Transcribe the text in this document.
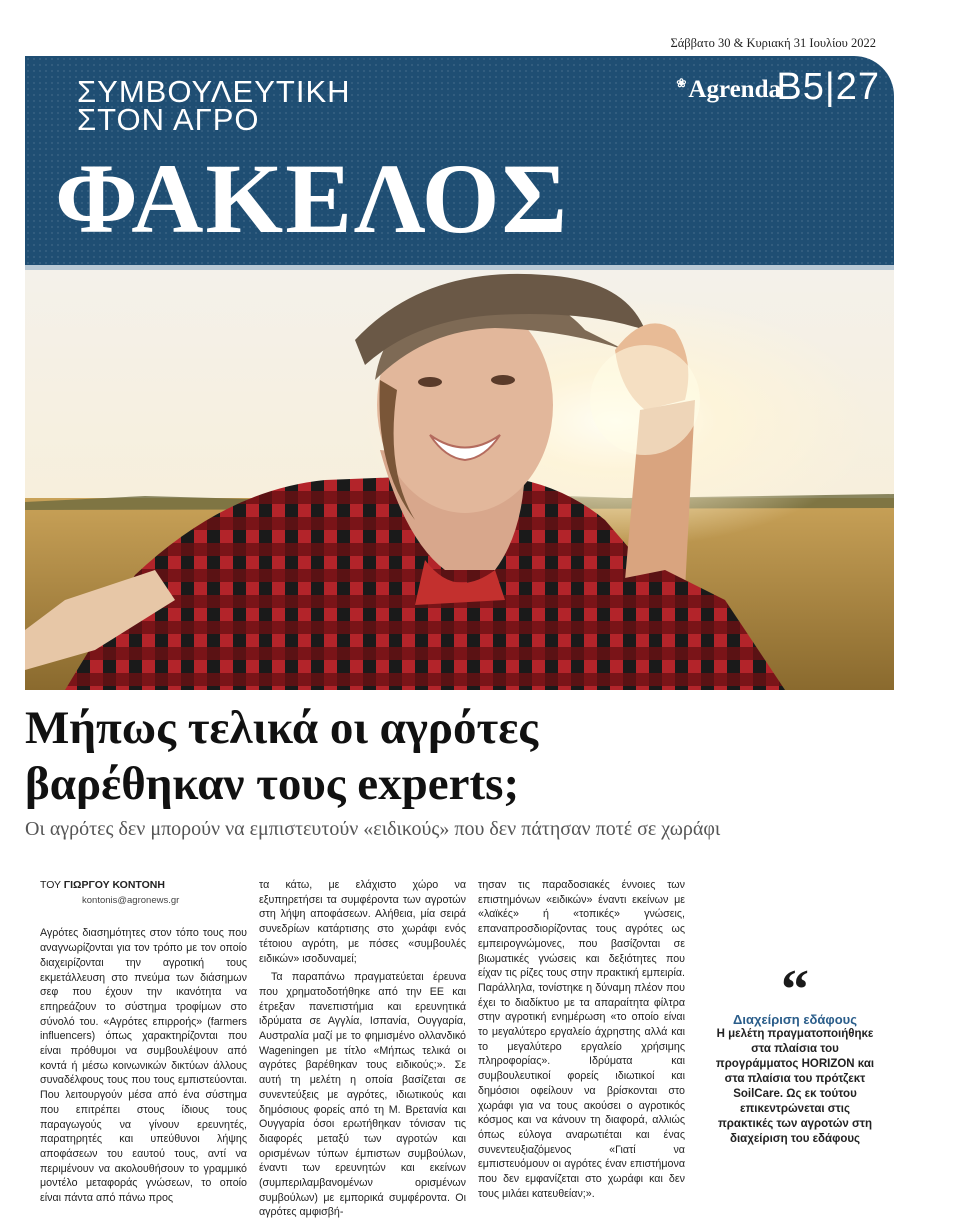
Σάββατο 30 & Κυριακή 31 Ιουλίου 2022
ΣΥΜΒΟΥΛΕΥΤΙΚΗ
ΣΤΟΝ ΑΓΡΟ
ΦΑΚΕΛΟΣ
❀Agrenda
B5|27
Μήπως τελικά οι αγρότες
βαρέθηκαν τους experts;

Οι αγρότες δεν μπορούν να εμπιστευτούν «ειδικούς» που δεν πάτησαν ποτέ σε χωράφι

ΤΟΥ ΓΙΩΡΓΟΥ ΚΟΝΤΟΝΗ
kontonis@agronews.gr

Αγρότες διασημότητες στον τόπο τους που αναγνωρίζονται για τον τρόπο με τον οποίο διαχειρίζονται την αγροτική τους εκμετάλλευση στο πνεύμα των διάσημων σεφ που έχουν την ικανότητα να επηρεάζουν το σύστημα τροφίμων στο σύνολό του. «Αγρότες επιρροής» (farmers influencers) όπως χαρακτηρίζονται που είναι πρόθυμοι να συμβουλέψουν από κοντά ή μέσω κοινωνικών δικτύων άλλους συναδέλφους τους που τους εμπιστεύονται. Που λειτουργούν μέσα από ένα σύστημα που επιτρέπει στους ίδιους τους παραγωγούς να γίνουν ερευνητές, παρατηρητές και υπεύθυνοι λήψης αποφάσεων του εαυτού τους, αντί να περιμένουν να ακολουθήσουν το γραμμικό μοντέλο μεταφοράς γνώσεων, το οποίο είναι πάντα από πάνω προς

τα κάτω, με ελάχιστο χώρο να εξυπηρετήσει τα συμφέροντα των αγροτών στη λήψη αποφάσεων. Αλήθεια, μία σειρά συνεδρίων κατάρτισης στο χωράφι ενός τέτοιου αγρότη, με πόσες «συμβουλές ειδικών» ισοδυναμεί;

Τα παραπάνω πραγματεύεται έρευνα που χρηματοδοτήθηκε από την ΕΕ και έτρεξαν πανεπιστήμια και ερευνητικά ιδρύματα σε Αγγλία, Ισπανία, Ουγγαρία, Αυστραλία μαζί με το φημισμένο ολλανδικό Wageningen με τίτλο «Μήπως τελικά οι αγρότες βαρέθηκαν τους ειδικούς;». Σε αυτή τη μελέτη η οποία βασίζεται σε συνεντεύξεις με αγρότες, ιδιωτικούς και δημόσιους φορείς από τη Μ. Βρετανία και Ουγγαρία όσοι ερωτήθηκαν τόνισαν τις διαφορές μεταξύ των αγροτών και ορισμένων τύπων έμπιστων συμβούλων, έναντι των ερευνητών και εκείνων (συμπεριλαμβανομένων ορισμένων συμβούλων) με εμπορικά συμφέροντα. Οι αγρότες αμφισβή-

τησαν τις παραδοσιακές έννοιες των επιστημόνων «ειδικών» έναντι εκείνων με «λαϊκές» ή «τοπικές» γνώσεις, επαναπροσδιορίζοντας τους αγρότες ως εμπειρογνώμονες, που βασίζονται σε βιωματικές γνώσεις και δεξιότητες που είχαν τις ρίζες τους στην πρακτική εμπειρία. Παράλληλα, τονίστηκε η δύναμη πλέον που έχει το διαδίκτυο με τα απαραίτητα φίλτρα στην αγροτική ενημέρωση «το οποίο είναι το μεγαλύτερο εργαλείο άχρηστης αλλά και το μεγαλύτερο εργαλείο χρήσιμης πληροφορίας». Ιδρύματα και συμβουλευτικοί φορείς ιδιωτικοί και δημόσιοι οφείλουν να βρίσκονται στο χωράφι για να τους ακούσει ο αγροτικός κόσμος και να κάνουν τη διαφορά, αλλιώς όπως εύλογα αναρωτιέται και ένας συνεντευξιαζόμενος «Γιατί να εμπιστευόμουν οι αγρότες έναν επιστήμονα που δεν εμφανίζεται στο χωράφι και δεν τους μιλάει κατευθείαν;».

“
Διαχείριση εδάφους
Η μελέτη πραγματοποιήθηκε στα πλαίσια του προγράμματος HORIZON και στα πλαίσια του πρότζεκτ SoilCare. Ως εκ τούτου επικεντρώνεται στις πρακτικές των αγροτών στη διαχείριση του εδάφους
